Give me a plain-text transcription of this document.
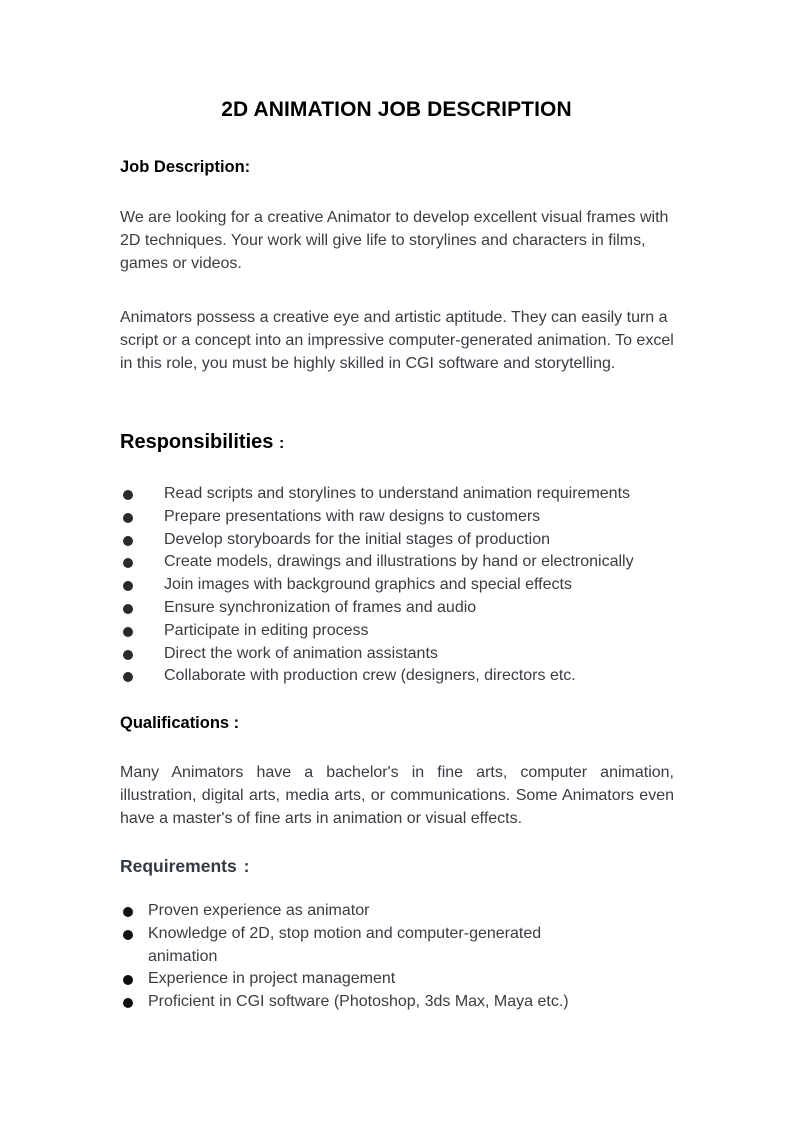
2D ANIMATION JOB DESCRIPTION
Job Description:

We are looking for a creative Animator to develop excellent visual frames with 2D techniques. Your work will give life to storylines and characters in films, games or videos.

Animators possess a creative eye and artistic aptitude. They can easily turn a script or a concept into an impressive computer-generated animation. To excel in this role, you must be highly skilled in CGI software and storytelling.

Responsibilities :
Read scripts and storylines to understand animation requirements
Prepare presentations with raw designs to customers
Develop storyboards for the initial stages of production
Create models, drawings and illustrations by hand or electronically
Join images with background graphics and special effects
Ensure synchronization of frames and audio
Participate in editing process
Direct the work of animation assistants
Collaborate with production crew (designers, directors etc.
Qualifications :

Many Animators have a bachelor's in fine arts, computer animation, illustration, digital arts, media arts, or communications. Some Animators even have a master's of fine arts in animation or visual effects.

Requirements :
Proven experience as animator
Knowledge of 2D, stop motion and computer-generated animation
Experience in project management
Proficient in CGI software (Photoshop, 3ds Max, Maya etc.)
